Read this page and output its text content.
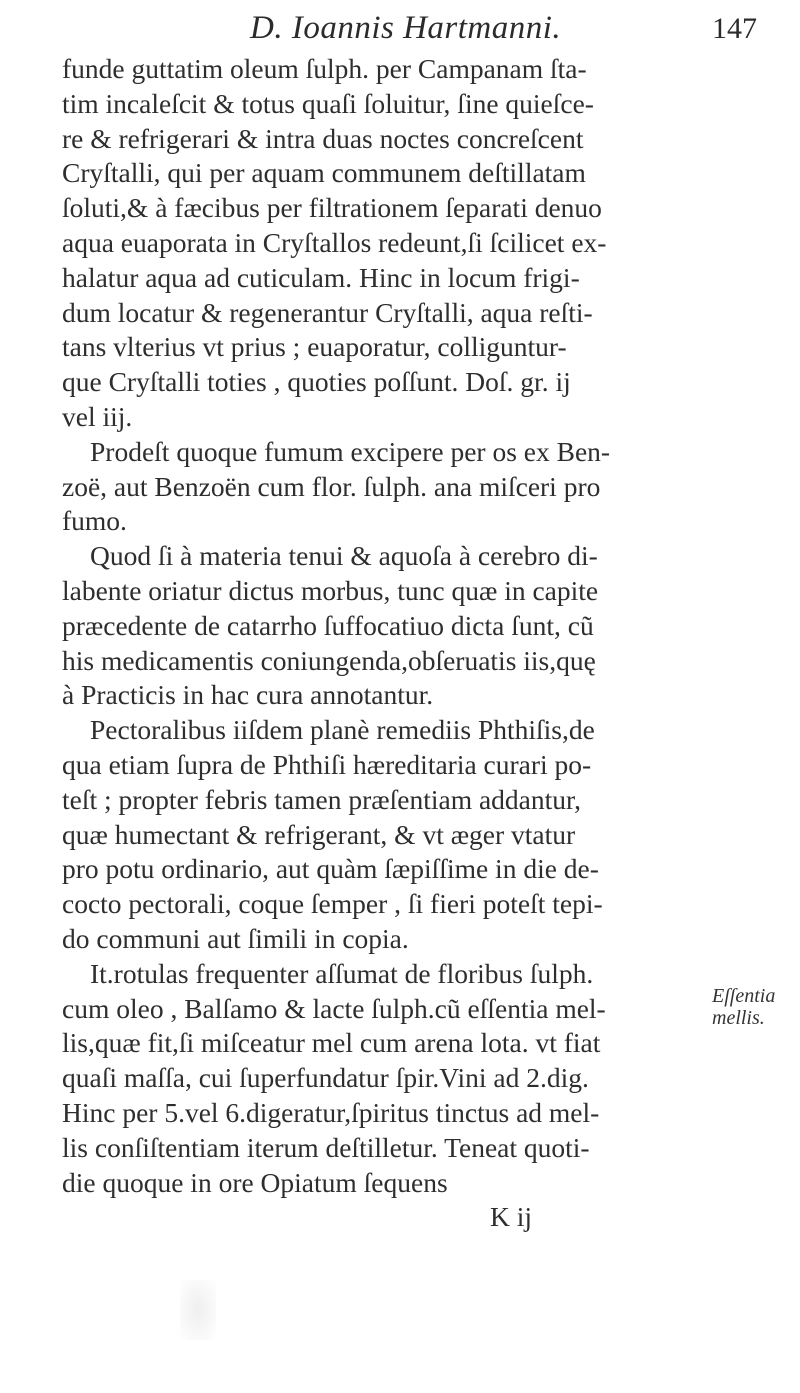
D. Ioannis Hartmanni.	147
funde guttatim oleum ſulph. per Campanam ſta-
tim incaleſcit & totus quaſi ſoluitur, ſine quieſce-
re & refrigerari & intra duas noctes concreſcent
Cryſtalli, qui per aquam communem deſtillatam
ſoluti,& à fæcibus per filtrationem ſeparati denuo
aqua euaporata in Cryſtallos redeunt,ſi ſcilicet ex-
halatur aqua ad cuticulam. Hinc in locum frigi-
dum locatur & regenerantur Cryſtalli, aqua reſti-
tans vlterius vt prius ; euaporatur, colliguntur-
que Cryſtalli toties , quoties poſſunt. Doſ. gr. ij
vel iij.
Prodeſt quoque fumum excipere per os ex Ben-
zoë, aut Benzoën cum flor. ſulph. ana miſceri pro
fumo.
Quod ſi à materia tenui & aquoſa à cerebro di-
labente oriatur dictus morbus, tunc quæ in capite
præcedente de catarrho ſuffocatiuo dicta ſunt, cũ
his medicamentis coniungenda,obſeruatis iis,quę
à Practicis in hac cura annotantur.
Pectoralibus iiſdem planè remediis Phthiſis,de
qua etiam ſupra de Phthiſi hæreditaria curari po-
teſt ; propter febris tamen præſentiam addantur,
quæ humectant & refrigerant, & vt æger vtatur
pro potu ordinario, aut quàm ſæpiſſime in die de-
cocto pectorali, coque ſemper , ſi fieri poteſt tepi-
do communi aut ſimili in copia.
It.rotulas frequenter aſſumat de floribus ſulph.
cum oleo , Balſamo & lacte ſulph.cũ eſſentia mel-
lis,quæ fit,ſi miſceatur mel cum arena lota. vt fiat
quaſi maſſa, cui ſuperfundatur ſpir.Vini ad 2.dig.
Hinc per 5.vel 6.digeratur,ſpiritus tinctus ad mel-
lis conſiſtentiam iterum deſtilletur. Teneat quoti-
die quoque in ore Opiatum ſequens
K ij
Eſſentia
mellis.
